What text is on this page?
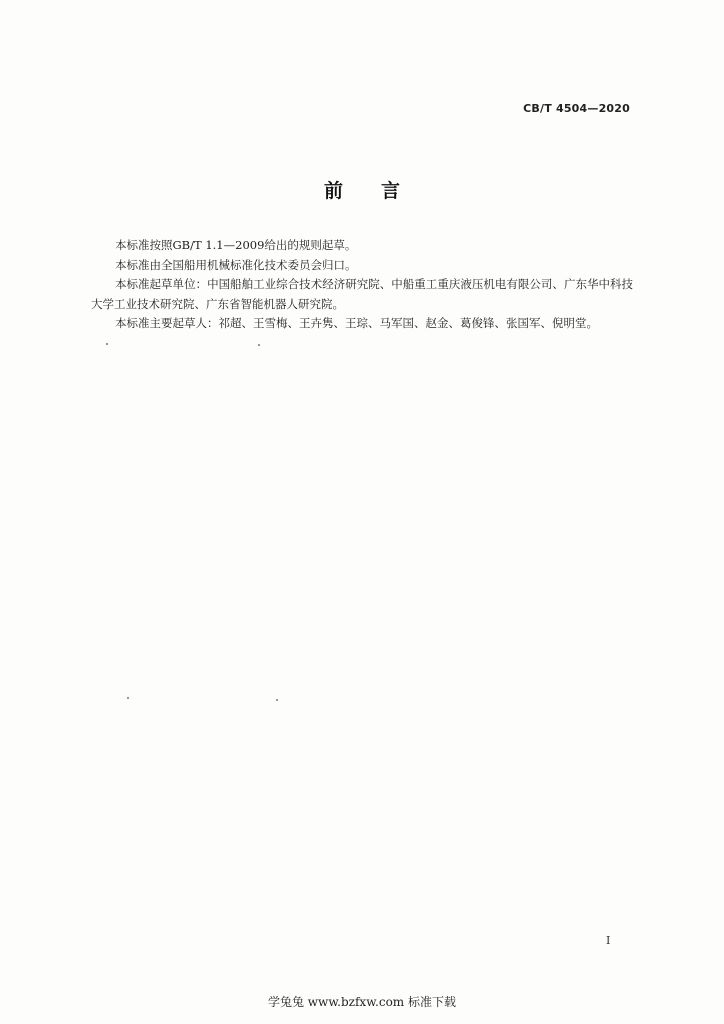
CB/T 4504—2020
前言

本标准按照GB/T 1.1—2009给出的规则起草。

本标准由全国船用机械标准化技术委员会归口。

本标准起草单位：中国船舶工业综合技术经济研究院、中船重工重庆液压机电有限公司、广东华中科技大学工业技术研究院、广东省智能机器人研究院。

本标准主要起草人：祁超、王雪梅、王卉隽、王琮、马军国、赵金、葛俊锋、张国军、倪明堂。

I
学兔兔 www.bzfxw.com 标准下载
